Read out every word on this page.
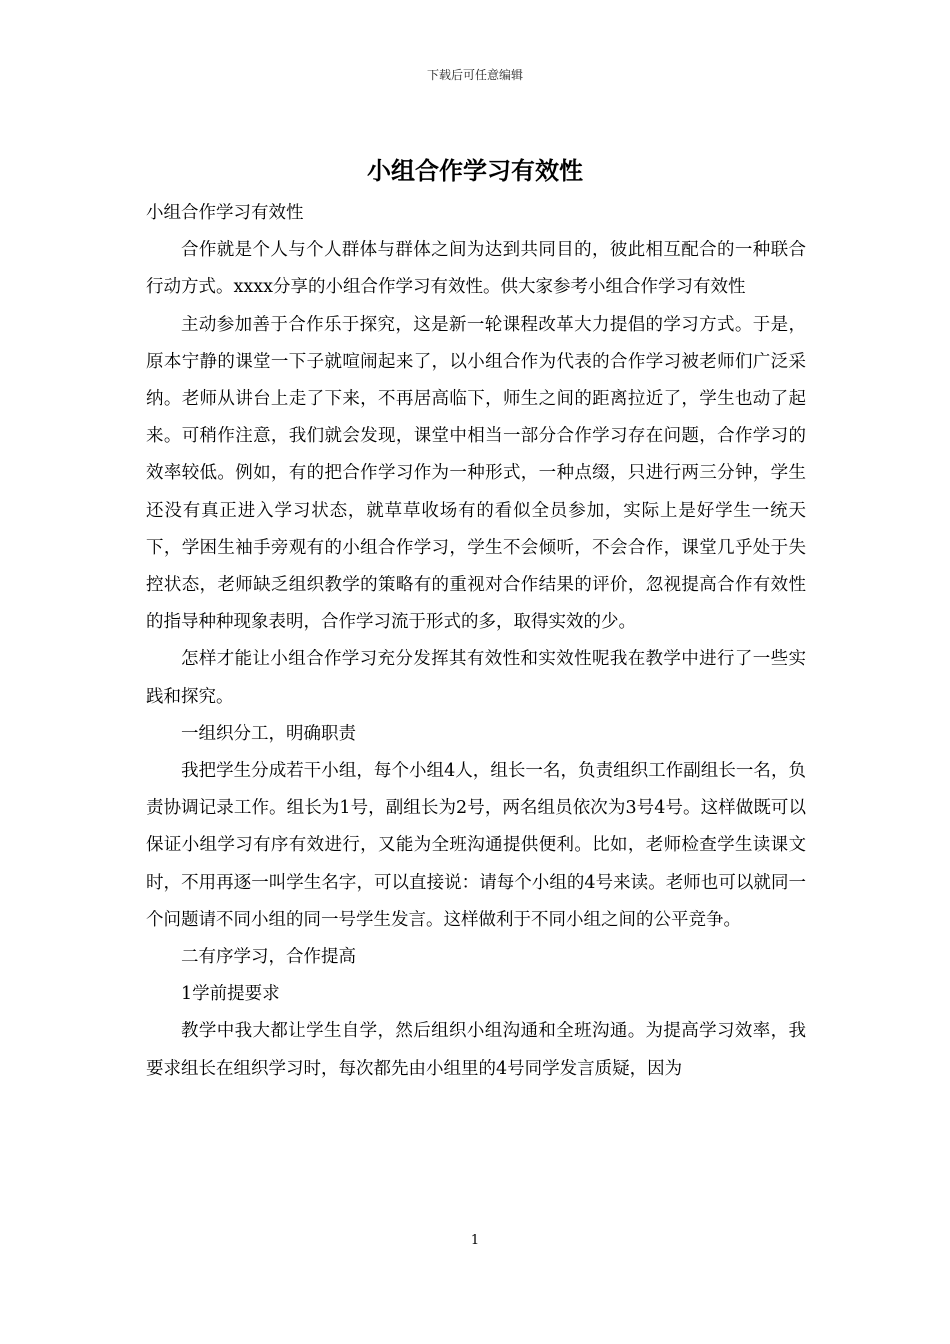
下载后可任意编辑
小组合作学习有效性

小组合作学习有效性

合作就是个人与个人群体与群体之间为达到共同目的，彼此相互配合的一种联合行动方式。xxxx分享的小组合作学习有效性。供大家参考小组合作学习有效性

主动参加善于合作乐于探究，这是新一轮课程改革大力提倡的学习方式。于是，原本宁静的课堂一下子就喧闹起来了，以小组合作为代表的合作学习被老师们广泛采纳。老师从讲台上走了下来，不再居高临下，师生之间的距离拉近了，学生也动了起来。可稍作注意，我们就会发现，课堂中相当一部分合作学习存在问题，合作学习的效率较低。例如，有的把合作学习作为一种形式，一种点缀，只进行两三分钟，学生还没有真正进入学习状态，就草草收场有的看似全员参加，实际上是好学生一统天下，学困生袖手旁观有的小组合作学习，学生不会倾听，不会合作，课堂几乎处于失控状态，老师缺乏组织教学的策略有的重视对合作结果的评价，忽视提高合作有效性的指导种种现象表明，合作学习流于形式的多，取得实效的少。

怎样才能让小组合作学习充分发挥其有效性和实效性呢我在教学中进行了一些实践和探究。

一组织分工，明确职责

我把学生分成若干小组，每个小组4人，组长一名，负责组织工作副组长一名，负责协调记录工作。组长为1号，副组长为2号，两名组员依次为3号4号。这样做既可以保证小组学习有序有效进行，又能为全班沟通提供便利。比如，老师检查学生读课文时，不用再逐一叫学生名字，可以直接说：请每个小组的4号来读。老师也可以就同一个问题请不同小组的同一号学生发言。这样做利于不同小组之间的公平竞争。

二有序学习，合作提高

1学前提要求

教学中我大都让学生自学，然后组织小组沟通和全班沟通。为提高学习效率，我要求组长在组织学习时，每次都先由小组里的4号同学发言质疑，因为

1
